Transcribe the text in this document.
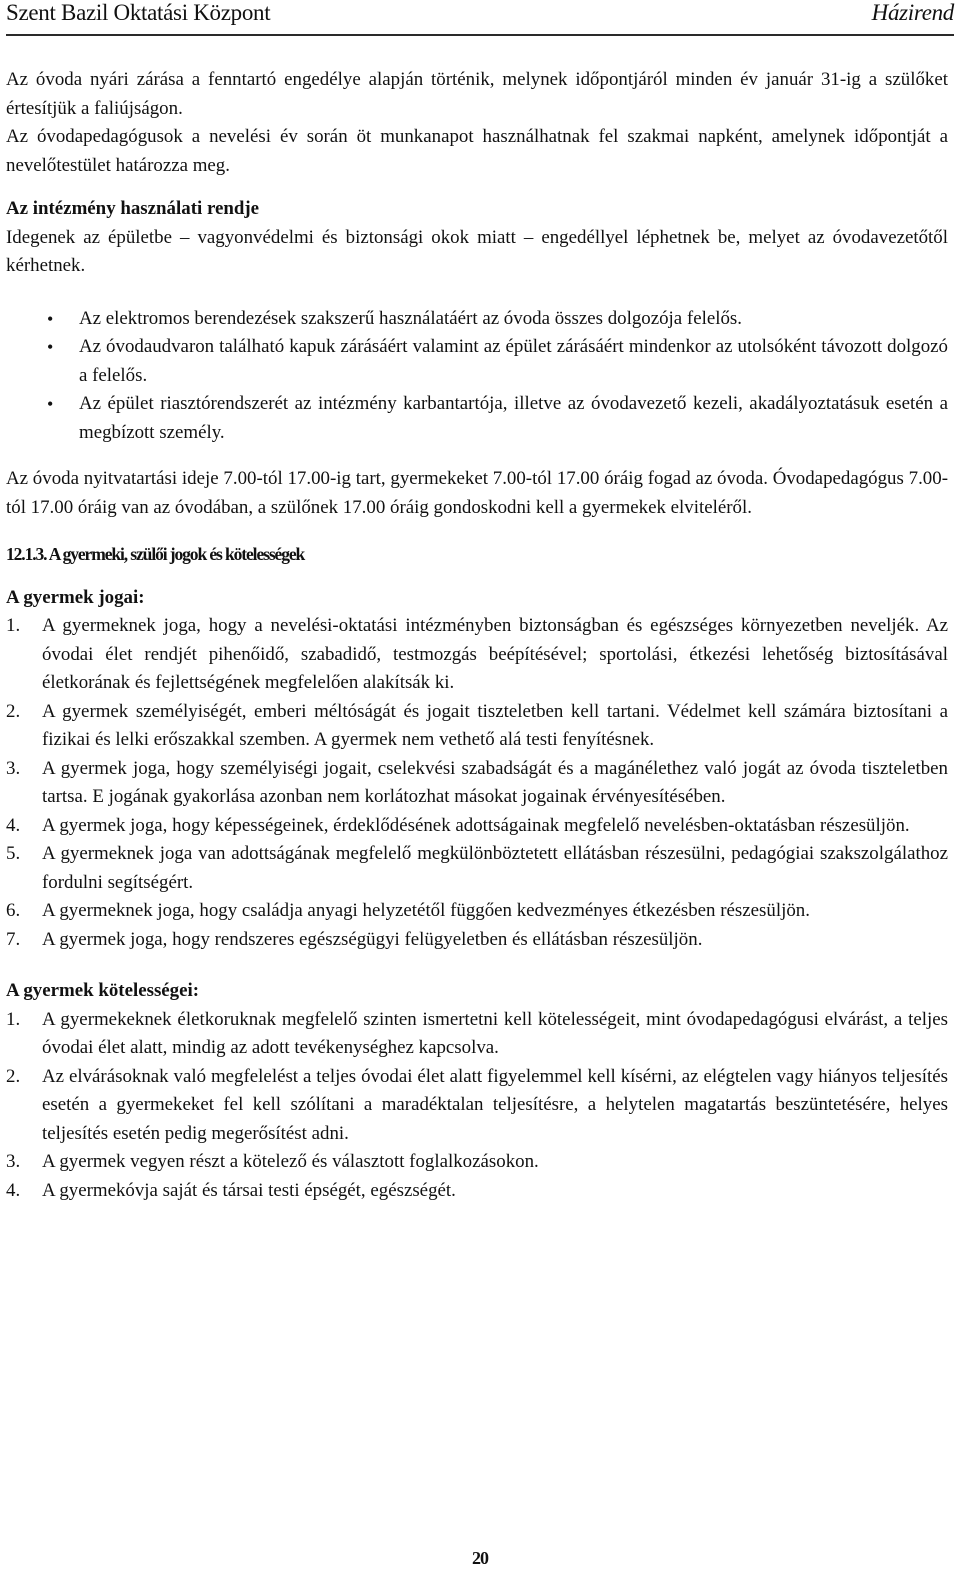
Szent Bazil Oktatási Központ	Házirend

Az óvoda nyári zárása a fenntartó engedélye alapján történik, melynek időpontjáról minden év január 31-ig a szülőket értesítjük a faliújságon.

Az óvodapedagógusok a nevelési év során öt munkanapot használhatnak fel szakmai napként, amelynek időpontját a nevelőtestület határozza meg.

Az intézmény használati rendje

Idegenek az épületbe – vagyonvédelmi és biztonsági okok miatt – engedéllyel léphetnek be, melyet az óvodavezetőtől kérhetnek.

• Az elektromos berendezések szakszerű használatáért az óvoda összes dolgozója felelős.
• Az óvodaudvaron található kapuk zárásáért valamint az épület zárásáért mindenkor az utolsóként távozott dolgozó a felelős.
• Az épület riasztórendszerét az intézmény karbantartója, illetve az óvodavezető kezeli, akadályoztatásuk esetén a megbízott személy.

Az óvoda nyitvatartási ideje 7.00-tól 17.00-ig tart, gyermekeket 7.00-tól 17.00 óráig fogad az óvoda. Óvodapedagógus 7.00-tól 17.00 óráig van az óvodában, a szülőnek 17.00 óráig gondoskodni kell a gyermekek elviteléről.

12.1.3. A gyermeki, szülői jogok és kötelességek

A gyermek jogai:

1.	A gyermeknek joga, hogy a nevelési-oktatási intézményben biztonságban és egészséges környezetben neveljék. Az óvodai élet rendjét pihenőidő, szabadidő, testmozgás beépítésével; sportolási, étkezési lehetőség biztosításával életkorának és fejlettségének megfelelően alakítsák ki.
2.	A gyermek személyiségét, emberi méltóságát és jogait tiszteletben kell tartani. Védelmet kell számára biztosítani a fizikai és lelki erőszakkal szemben. A gyermek nem vethető alá testi fenyítésnek.
3.	A gyermek joga, hogy személyiségi jogait, cselekvési szabadságát és a magánélethez való jogát az óvoda tiszteletben tartsa. E jogának gyakorlása azonban nem korlátozhat másokat jogainak érvényesítésében.
4.	A gyermek joga, hogy képességeinek, érdeklődésének adottságainak megfelelő nevelésben-oktatásban részesüljön.
5.	A gyermeknek joga van adottságának megfelelő megkülönböztetett ellátásban részesülni, pedagógiai szakszolgálathoz fordulni segítségért.
6.	A gyermeknek joga, hogy családja anyagi helyzetétől függően kedvezményes étkezésben részesüljön.
7.	A gyermek joga, hogy rendszeres egészségügyi felügyeletben és ellátásban részesüljön.

A gyermek kötelességei:

1.	A gyermekeknek életkoruknak megfelelő szinten ismertetni kell kötelességeit, mint óvodapedagógusi elvárást, a teljes óvodai élet alatt, mindig az adott tevékenységhez kapcsolva.
2.	Az elvárásoknak való megfelelést a teljes óvodai élet alatt figyelemmel kell kísérni, az elégtelen vagy hiányos teljesítés esetén a gyermekeket fel kell szólítani a maradéktalan teljesítésre, a helytelen magatartás beszüntetésére, helyes teljesítés esetén pedig megerősítést adni.
3.	A gyermek vegyen részt a kötelező és választott foglalkozásokon.
4.	A gyermekóvja saját és társai testi épségét, egészségét.
20
